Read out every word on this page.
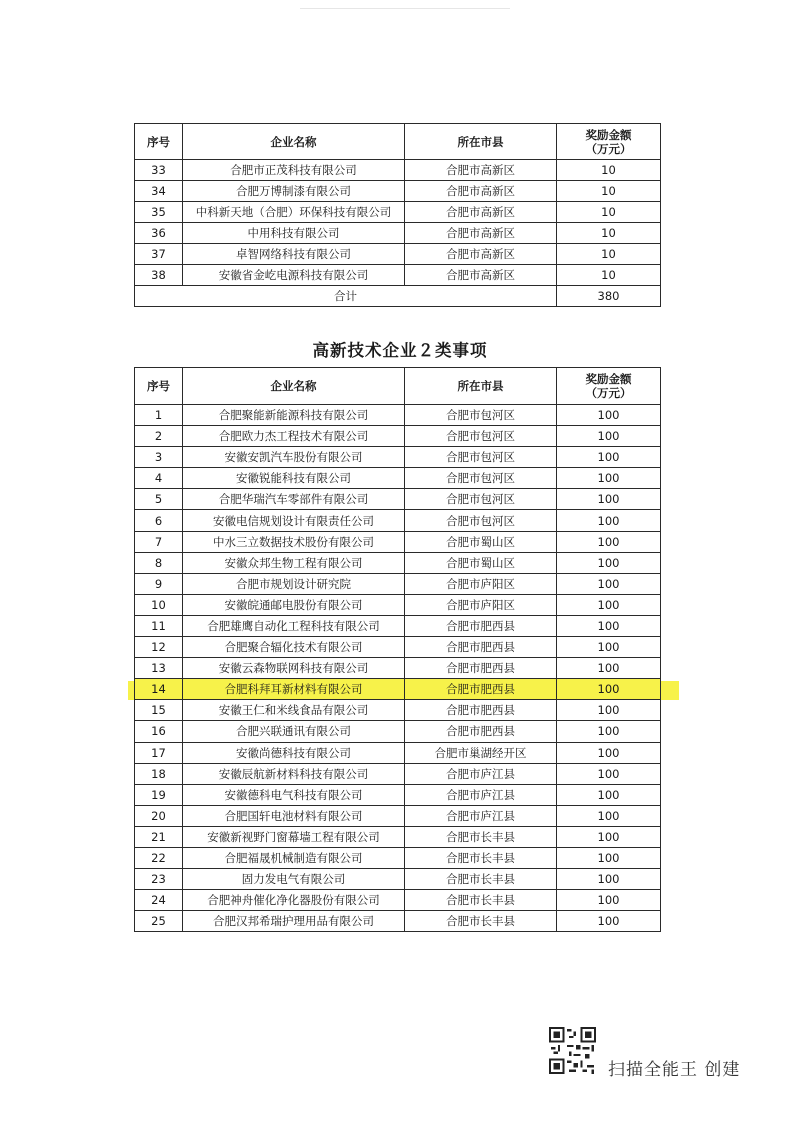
序号	企业名称	所在市县	奖励金额
（万元）

33	合肥市正茂科技有限公司	合肥市高新区	10
34	合肥万博制漆有限公司	合肥市高新区	10
35	中科新天地（合肥）环保科技有限公司	合肥市高新区	10
36	中用科技有限公司	合肥市高新区	10
37	卓智网络科技有限公司	合肥市高新区	10
38	安徽省金屹电源科技有限公司	合肥市高新区	10
合计			380
高新技术企业２类事项
序号	企业名称	所在市县	奖励金额
（万元）

1	合肥聚能新能源科技有限公司	合肥市包河区	100
2	合肥欧力杰工程技术有限公司	合肥市包河区	100
3	安徽安凯汽车股份有限公司	合肥市包河区	100
4	安徽锐能科技有限公司	合肥市包河区	100
5	合肥华瑞汽车零部件有限公司	合肥市包河区	100
6	安徽电信规划设计有限责任公司	合肥市包河区	100
7	中水三立数据技术股份有限公司	合肥市蜀山区	100
8	安徽众邦生物工程有限公司	合肥市蜀山区	100
9	合肥市规划设计研究院	合肥市庐阳区	100
10	安徽皖通邮电股份有限公司	合肥市庐阳区	100
11	合肥雄鹰自动化工程科技有限公司	合肥市肥西县	100
12	合肥聚合辐化技术有限公司	合肥市肥西县	100
13	安徽云森物联网科技有限公司	合肥市肥西县	100
14	合肥科拜耳新材料有限公司	合肥市肥西县	100
15	安徽王仁和米线食品有限公司	合肥市肥西县	100
16	合肥兴联通讯有限公司	合肥市肥西县	100
17	安徽尚德科技有限公司	合肥市巢湖经开区	100
18	安徽辰航新材料科技有限公司	合肥市庐江县	100
19	安徽德科电气科技有限公司	合肥市庐江县	100
20	合肥国轩电池材料有限公司	合肥市庐江县	100
21	安徽新视野门窗幕墙工程有限公司	合肥市长丰县	100
22	合肥福晟机械制造有限公司	合肥市长丰县	100
23	固力发电气有限公司	合肥市长丰县	100
24	合肥神舟催化净化器股份有限公司	合肥市长丰县	100
25	合肥汉邦希瑞护理用品有限公司	合肥市长丰县	100
扫描全能王 创建
